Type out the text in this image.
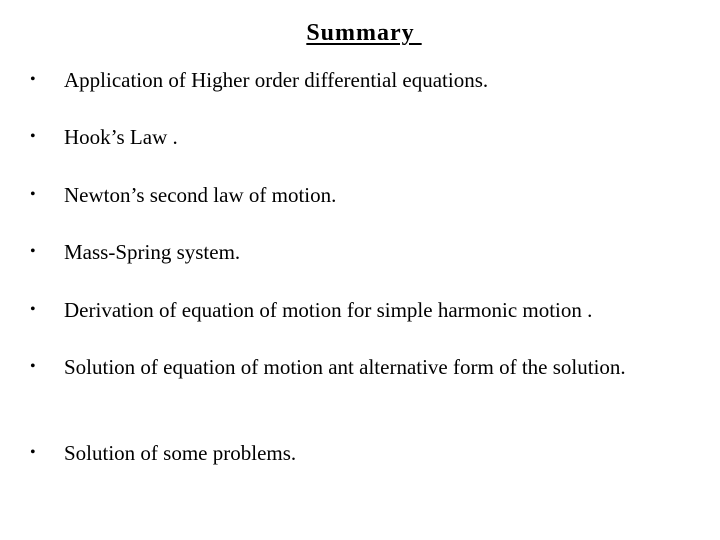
Summary
•	Application of Higher order differential equations.
•	Hook’s Law .
•	Newton’s second law of motion.
•	Mass-Spring system.
•	Derivation of equation of motion for simple harmonic motion .
•	Solution of equation of motion ant alternative form of the solution.
•	Solution of some problems.
